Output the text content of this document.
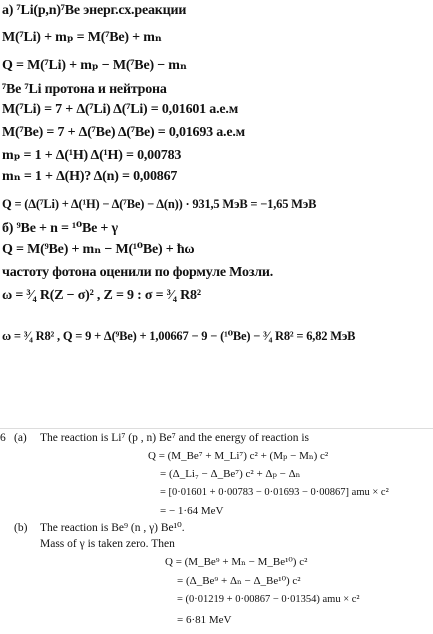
а) ⁷Li(p,n)⁷Be энерг.сх.реакции
M(⁷Li) + mₚ = M(⁷Be) + mₙ
Q = M(⁷Li) + mₚ − M(⁷Be) − mₙ
⁷Be ⁷Li протона и нейтрона
M(⁷Li) = 7 + Δ(⁷Li) Δ(⁷Li) = 0,01601 а.е.м
M(⁷Be) = 7 + Δ(⁷Be) Δ(⁷Be) = 0,01693 а.е.м
mₚ = 1 + Δ(¹H) Δ(¹H) = 0,00783
mₙ = 1 + Δ(H)? Δ(n) = 0,00867
Q = (Δ(⁷Li) + Δ(¹H) − Δ(⁷Be) − Δ(n)) · 931,5 МэВ = −1,65 МэВ
б) ⁹Be + n = ¹⁰Be + γ
Q = M(⁹Be) + mₙ − M(¹⁰Be) + ħω
частоту фотона оценили по формуле Мозли.
ω = ³⁄₄ R(Z − σ)² , Z = 9 : σ = ³⁄₄ R8²
ω = ³⁄₄ R8² , Q = 9 + Δ(⁹Be) + 1,00667 − 9 − (¹⁰Be) − ³⁄₄ R8² = 6,82 МэВ
6 (a) The reaction is Li⁷ (p , n) Be⁷ and the energy of reaction is
Q = (M_Be⁷ + M_Li⁷) c² + (Mₚ − Mₙ) c²
= (Δ_Li₇ − Δ_Be⁷) c² + Δₚ − Δₙ
= [0·01601 + 0·00783 − 0·01693 − 0·00867] amu × c²
= − 1·64 MeV
(b) The reaction is Be⁹ (n , γ) Be¹⁰.
Mass of γ is taken zero. Then
Q = (M_Be⁹ + Mₙ − M_Be¹⁰) c²
= (Δ_Be⁹ + Δₙ − Δ_Be¹⁰) c²
= (0·01219 + 0·00867 − 0·01354) amu × c²
= 6·81 MeV
